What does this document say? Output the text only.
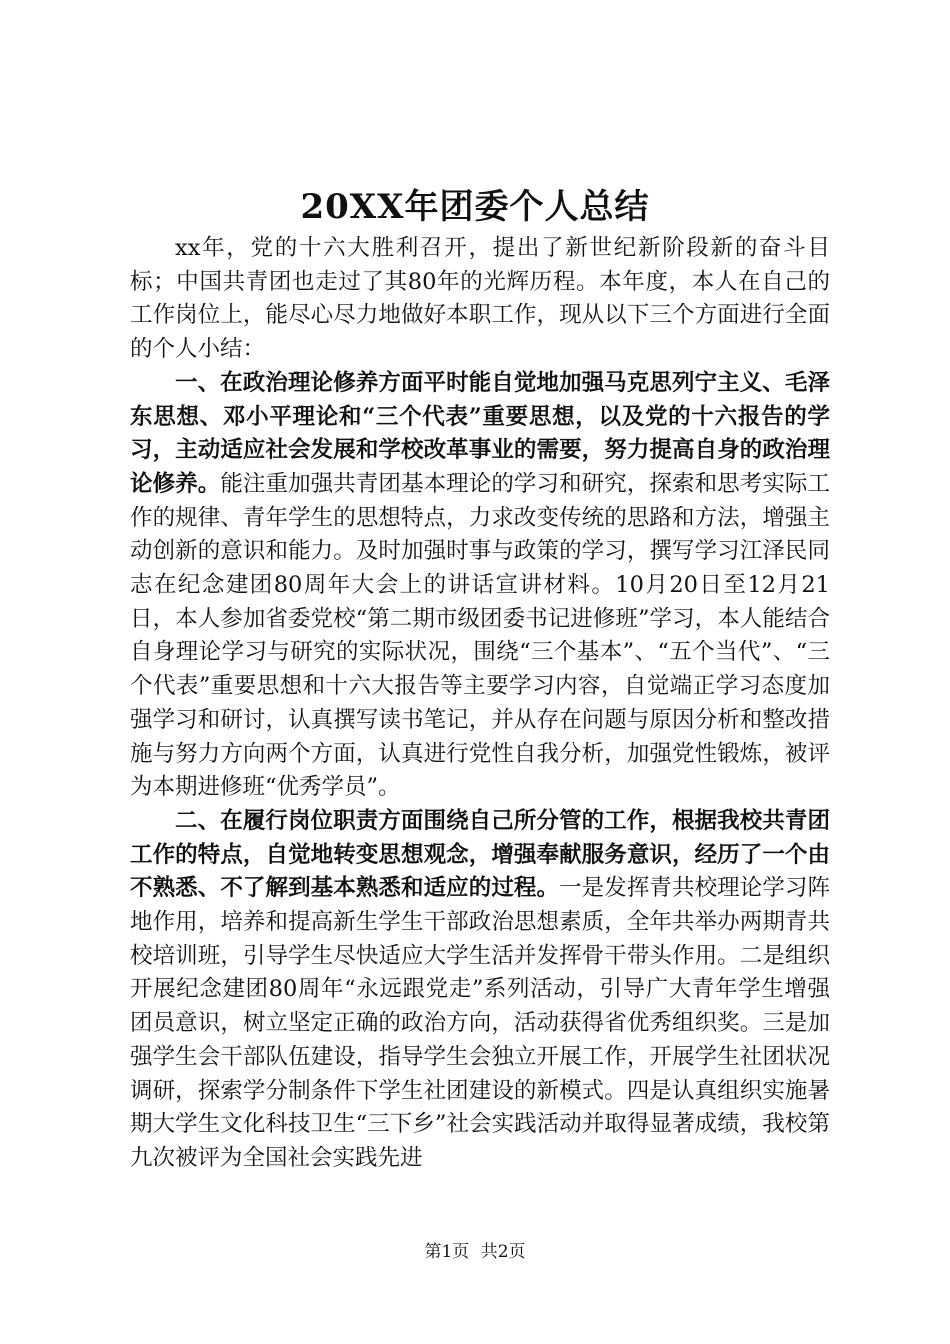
20XX年团委个人总结

xx年，党的十六大胜利召开，提出了新世纪新阶段新的奋斗目标；中国共青团也走过了其80年的光辉历程。本年度，本人在自己的工作岗位上，能尽心尽力地做好本职工作，现从以下三个方面进行全面的个人小结：

一、在政治理论修养方面平时能自觉地加强马克思列宁主义、毛泽东思想、邓小平理论和“三个代表”重要思想，以及党的十六报告的学习，主动适应社会发展和学校改革事业的需要，努力提高自身的政治理论修养。能注重加强共青团基本理论的学习和研究，探索和思考实际工作的规律、青年学生的思想特点，力求改变传统的思路和方法，增强主动创新的意识和能力。及时加强时事与政策的学习，撰写学习江泽民同志在纪念建团80周年大会上的讲话宣讲材料。10月20日至12月21日，本人参加省委党校“第二期市级团委书记进修班”学习，本人能结合自身理论学习与研究的实际状况，围绕“三个基本”、“五个当代”、“三个代表”重要思想和十六大报告等主要学习内容，自觉端正学习态度加强学习和研讨，认真撰写读书笔记，并从存在问题与原因分析和整改措施与努力方向两个方面，认真进行党性自我分析，加强党性锻炼，被评为本期进修班“优秀学员”。

二、在履行岗位职责方面围绕自己所分管的工作，根据我校共青团工作的特点，自觉地转变思想观念，增强奉献服务意识，经历了一个由不熟悉、不了解到基本熟悉和适应的过程。一是发挥青共校理论学习阵地作用，培养和提高新生学生干部政治思想素质，全年共举办两期青共校培训班，引导学生尽快适应大学生活并发挥骨干带头作用。二是组织开展纪念建团80周年“永远跟党走”系列活动，引导广大青年学生增强团员意识，树立坚定正确的政治方向，活动获得省优秀组织奖。三是加强学生会干部队伍建设，指导学生会独立开展工作，开展学生社团状况调研，探索学分制条件下学生社团建设的新模式。四是认真组织实施暑期大学生文化科技卫生“三下乡”社会实践活动并取得显著成绩，我校第九次被评为全国社会实践先进

第1页 共2页
